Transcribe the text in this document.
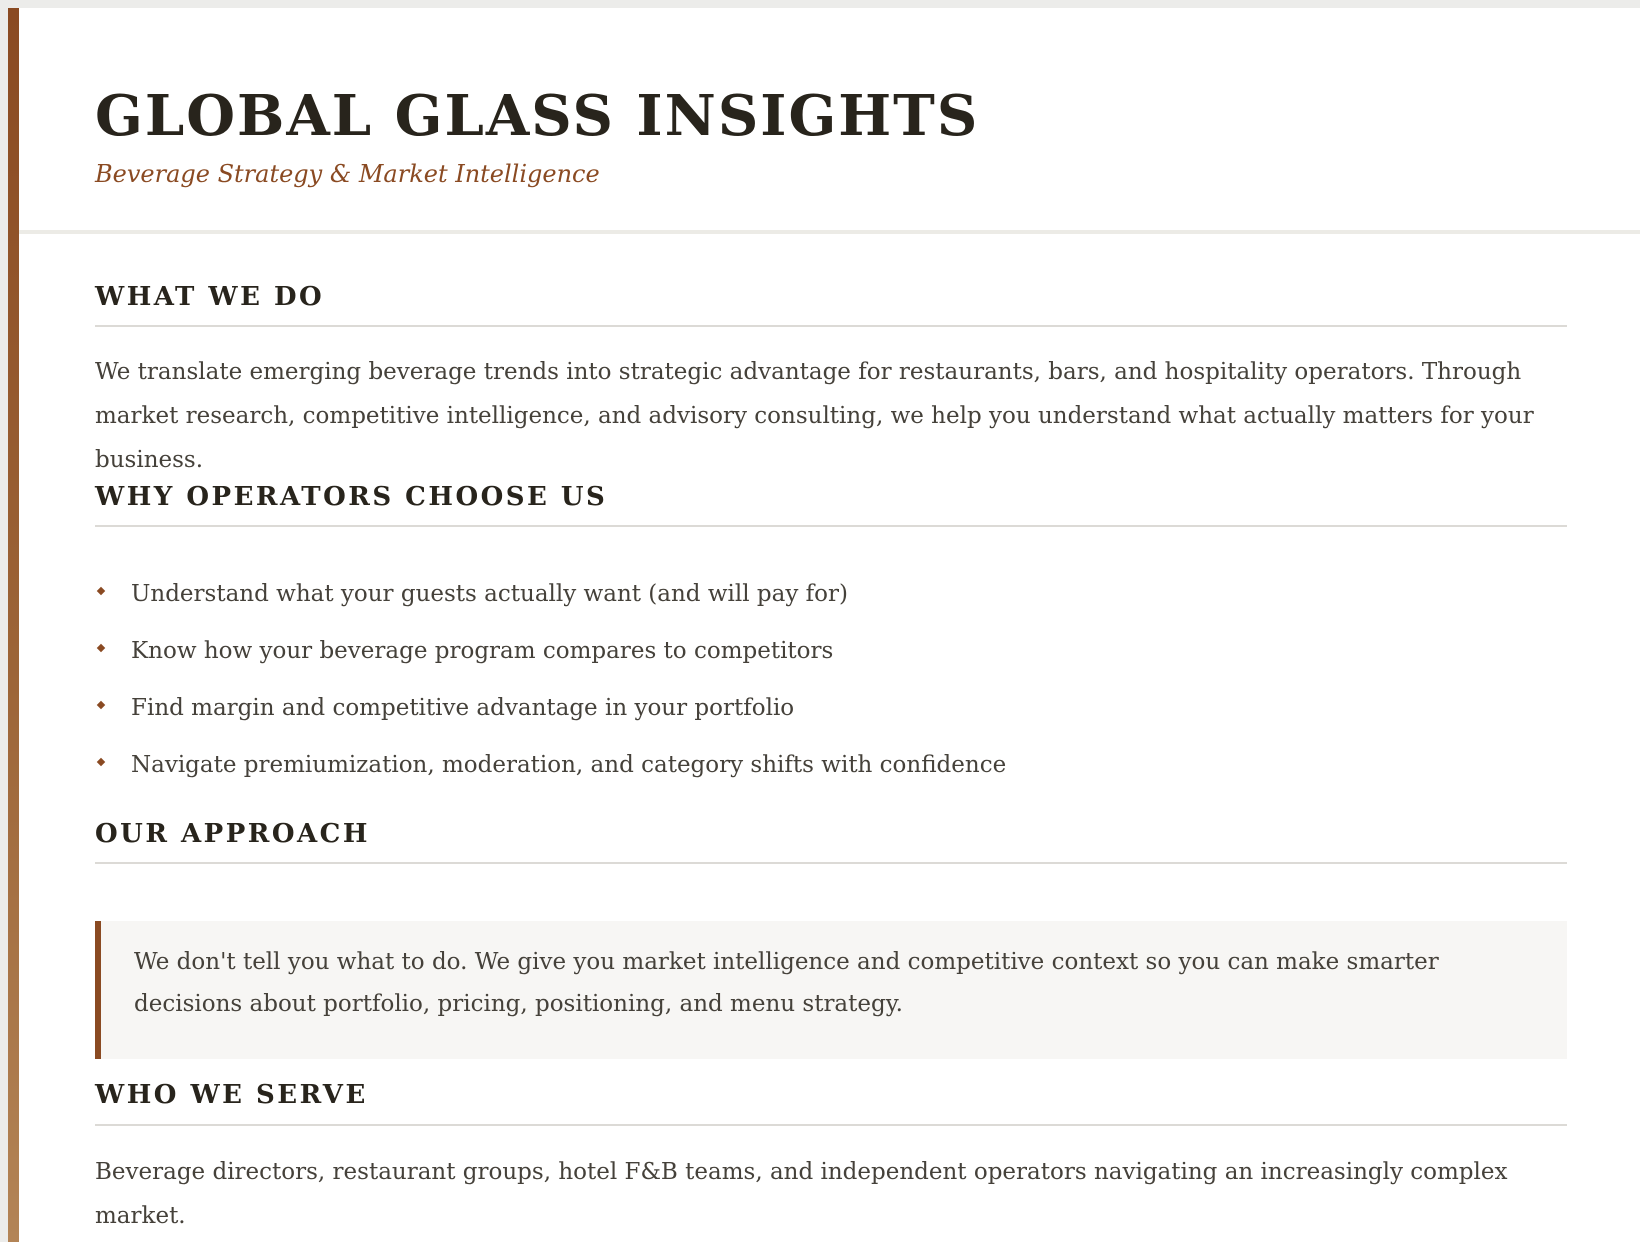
GLOBAL GLASS INSIGHTS

Beverage Strategy & Market Intelligence

WHAT WE DO

We translate emerging beverage trends into strategic advantage for restaurants, bars, and hospitality operators. Through market research, competitive intelligence, and advisory consulting, we help you understand what actually matters for your business.

WHY OPERATORS CHOOSE US
Understand what your guests actually want (and will pay for)
Know how your beverage program compares to competitors
Find margin and competitive advantage in your portfolio
Navigate premiumization, moderation, and category shifts with confidence
OUR APPROACH

We don't tell you what to do. We give you market intelligence and competitive context so you can make smarter decisions about portfolio, pricing, positioning, and menu strategy.

WHO WE SERVE

Beverage directors, restaurant groups, hotel F&B teams, and independent operators navigating an increasingly complex market.
